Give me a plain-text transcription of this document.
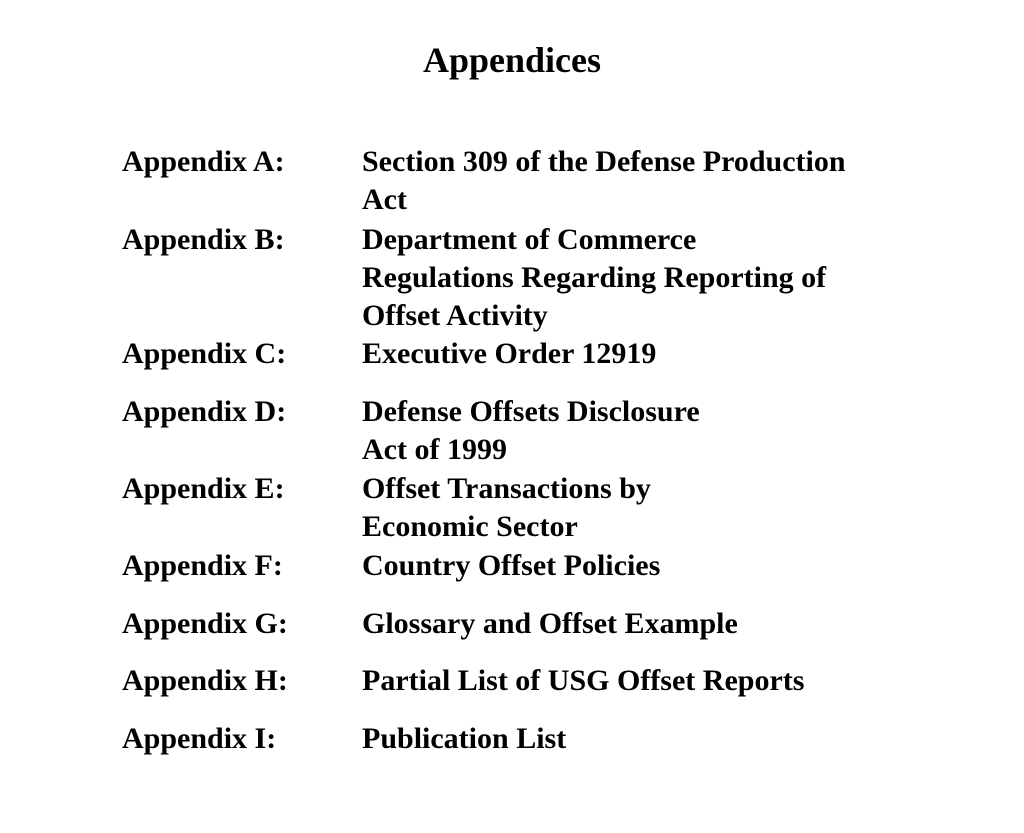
Appendices
Appendix A:	Section 309 of the Defense Production
Act
Appendix B:	Department of Commerce
Regulations Regarding Reporting of
Offset Activity
Appendix C:	Executive Order 12919
Appendix D:	Defense Offsets Disclosure
Act of 1999
Appendix E:	Offset Transactions by
Economic Sector
Appendix F:	Country Offset Policies
Appendix G: Glossary and Offset Example
Appendix H: Partial List of USG Offset Reports
Appendix I:	Publication List
